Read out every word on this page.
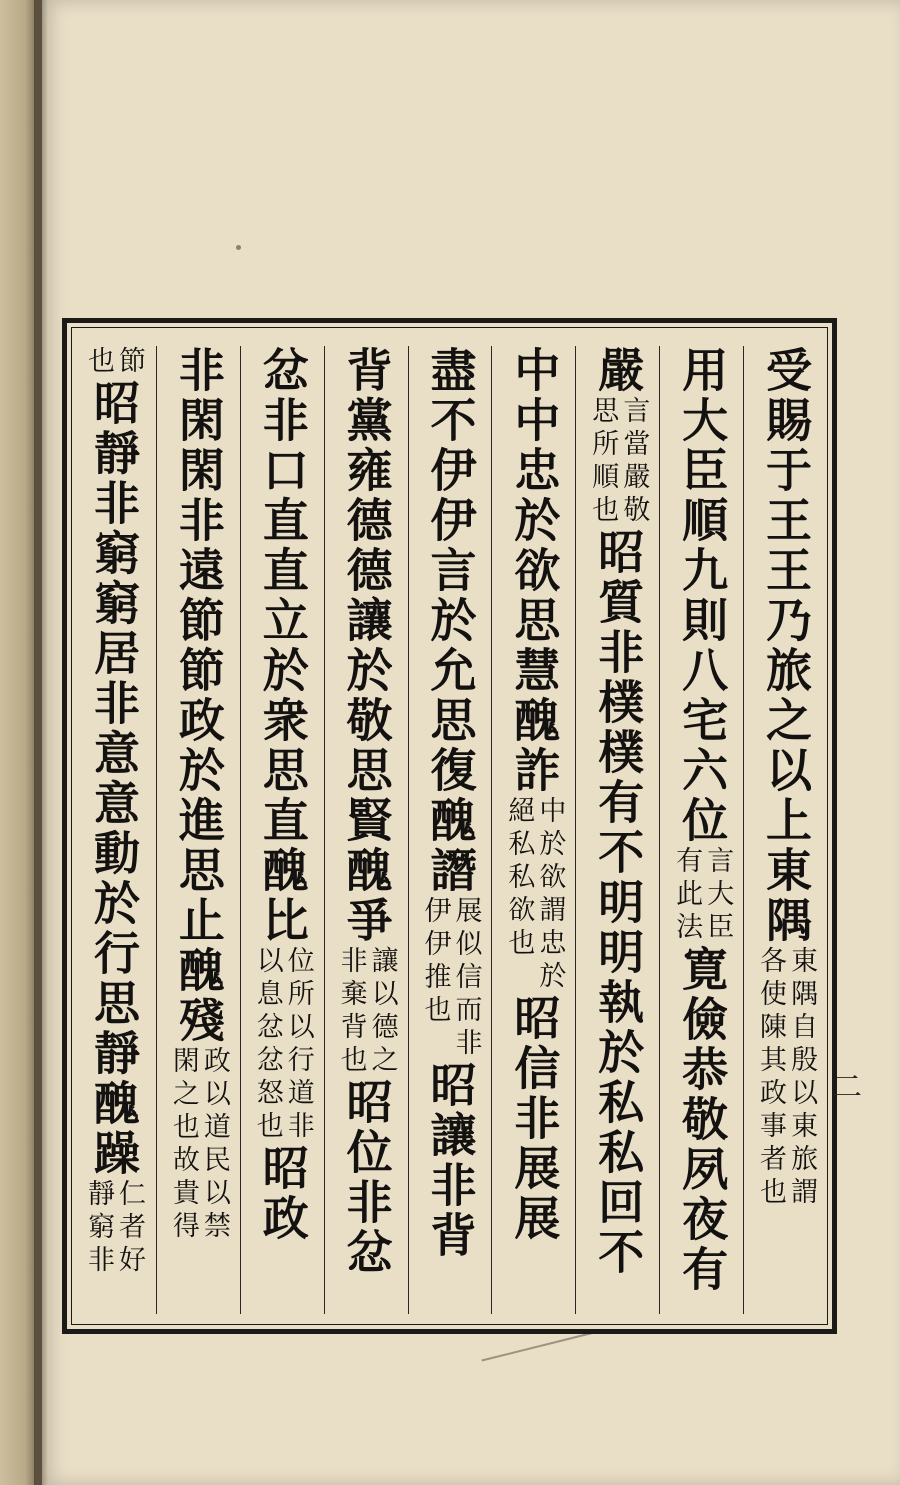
受賜于王王乃旅之以上東隅
東隅自殷以東旅謂
各使陳其政事者也
用大臣順九則八宅六位
言大臣
有此法
寛儉恭敬夙夜有
嚴
言當嚴敬
思所順也
昭質非樸樸有不明明執於私私回不
中中忠於欲思慧醜詐
中於欲謂忠於
絕私私欲也
昭信非展展
盡不伊伊言於允思復醜譖
展似信而非
伊伊推也
昭讓非背
背黨雍德德讓於敬思賢醜爭
讓以德之
非棄背也
昭位非忿
忿非口直直立於衆思直醜比
位所以行道非
以息忿忿怒也
昭政
非閑閑非遠節節政於進思止醜殘
政以道民以禁
閑之也故貴得
節
也
昭靜非窮窮居非意意動於行思靜醜躁
仁者好
靜窮非
二
